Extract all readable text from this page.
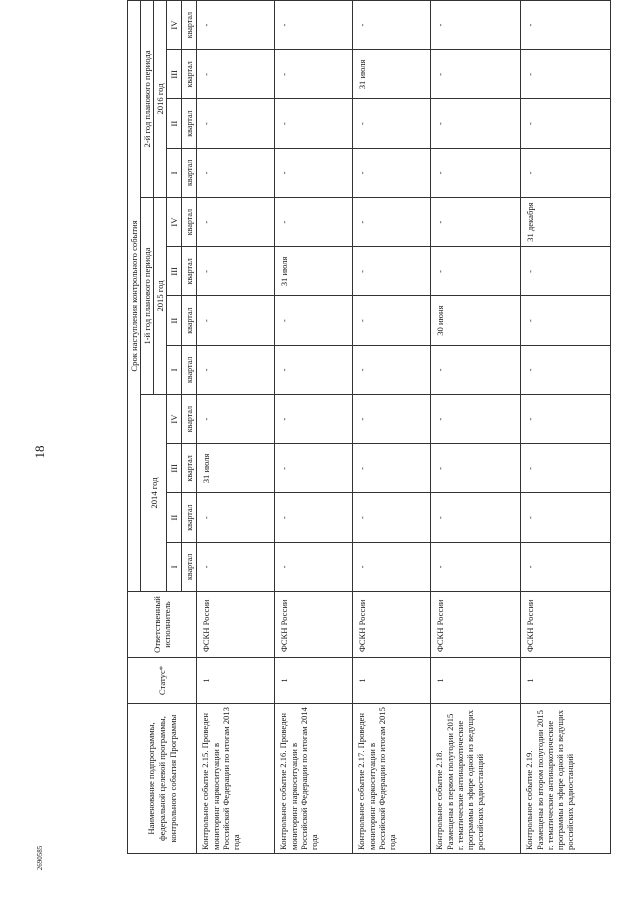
18
2690585
Наименование подпрограммы, федеральной целевой программы, контрольного события Программы	Статус*	Ответственный исполнитель	Срок наступления контрольного события											
			2014 год				1-й год планового периода				2-й год планового периода			
							2015 год				2016 год			
			I	II	III	IV	I	II	III	IV	I	II	III	IV
			квартал	квартал	квартал	квартал	квартал	квартал	квартал	квартал	квартал	квартал	квартал	квартал
Контрольное событие 2.15. Проведен мониторинг наркоситуации в Российской Федерации по итогам 2013 года	1	ФСКН России	-	-	31 июля	-	-	-	-	-	-	-	-	-
Контрольное событие 2.16. Проведен мониторинг наркоситуации в Российской Федерации по итогам 2014 года	1	ФСКН России	-	-	-	-	-	-	31 июля	-	-	-	-	-
Контрольное событие 2.17. Проведен мониторинг наркоситуации в Российской Федерации по итогам 2015 года	1	ФСКН России	-	-	-	-	-	-	-	-	-	-	31 июля	-
Контрольное событие 2.18. Размещены в первом полугодии 2015 г. тематические антинаркотические программы в эфире одной из ведущих российских радиостанций	1	ФСКН России	-	-	-	-	-	30 июня	-	-	-	-	-	-
Контрольное событие 2.19. Размещены во втором полугодии 2015 г. тематические антинаркотические программы в эфире одной из ведущих российских радиостанций	1	ФСКН России	-	-	-	-	-	-	-	31 декабря	-	-	-	-
